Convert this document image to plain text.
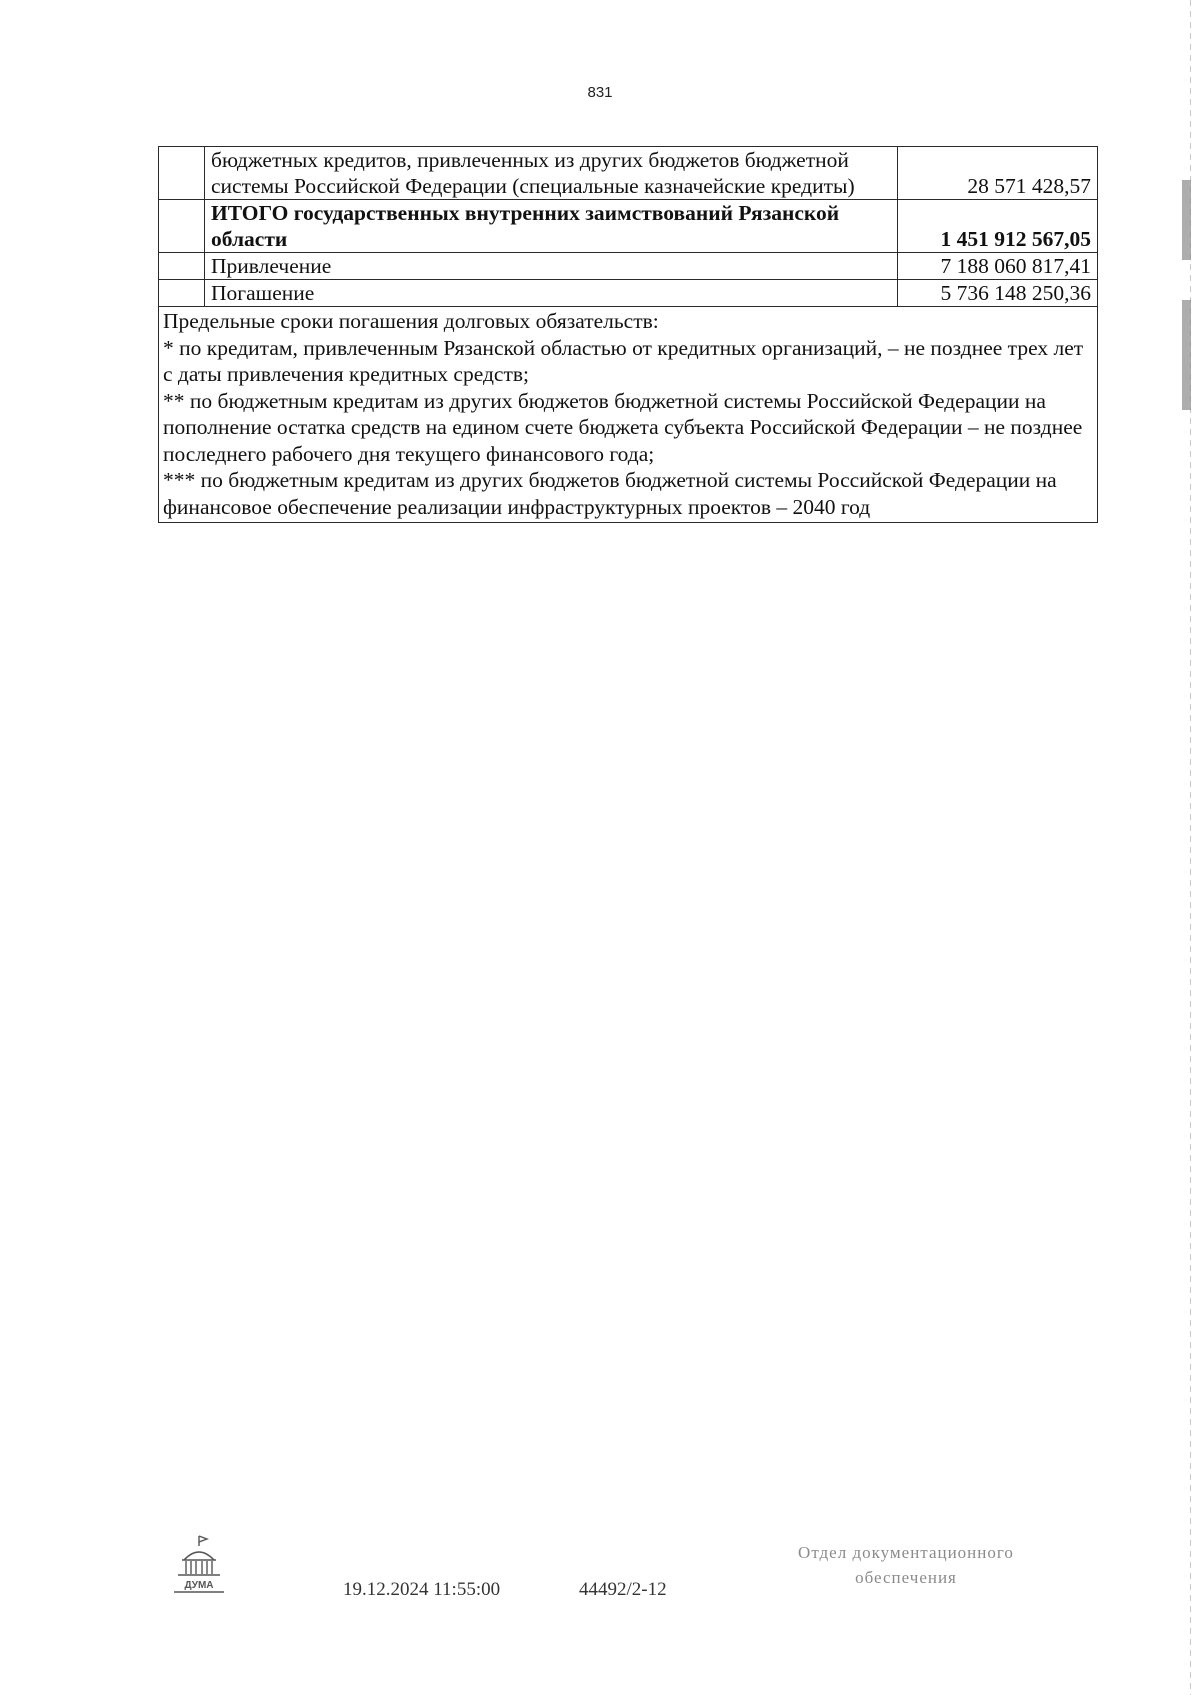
831
	бюджетных кредитов, привлеченных из других бюджетов бюджетной системы Российской Федерации (специальные казначейские кредиты)	28 571 428,57
	ИТОГО государственных внутренних заимствований Рязанской области	1 451 912 567,05
	Привлечение	7 188 060 817,41
	Погашение	5 736 148 250,36

Предельные сроки погашения долговых обязательств:

* по кредитам, привлеченным Рязанской областью от кредитных организаций, – не позднее трех лет с даты привлечения кредитных средств;

** по бюджетным кредитам из других бюджетов бюджетной системы Российской Федерации на пополнение остатка средств на едином счете бюджета субъекта Российской Федерации – не позднее последнего рабочего дня текущего финансового года;

*** по бюджетным кредитам из других бюджетов бюджетной системы Российской Федерации на финансовое обеспечение реализации инфраструктурных проектов – 2040 год		

ДУМА	19.12.2024 11:55:00	44492/2-12
Отдел документационного
обеспечения
